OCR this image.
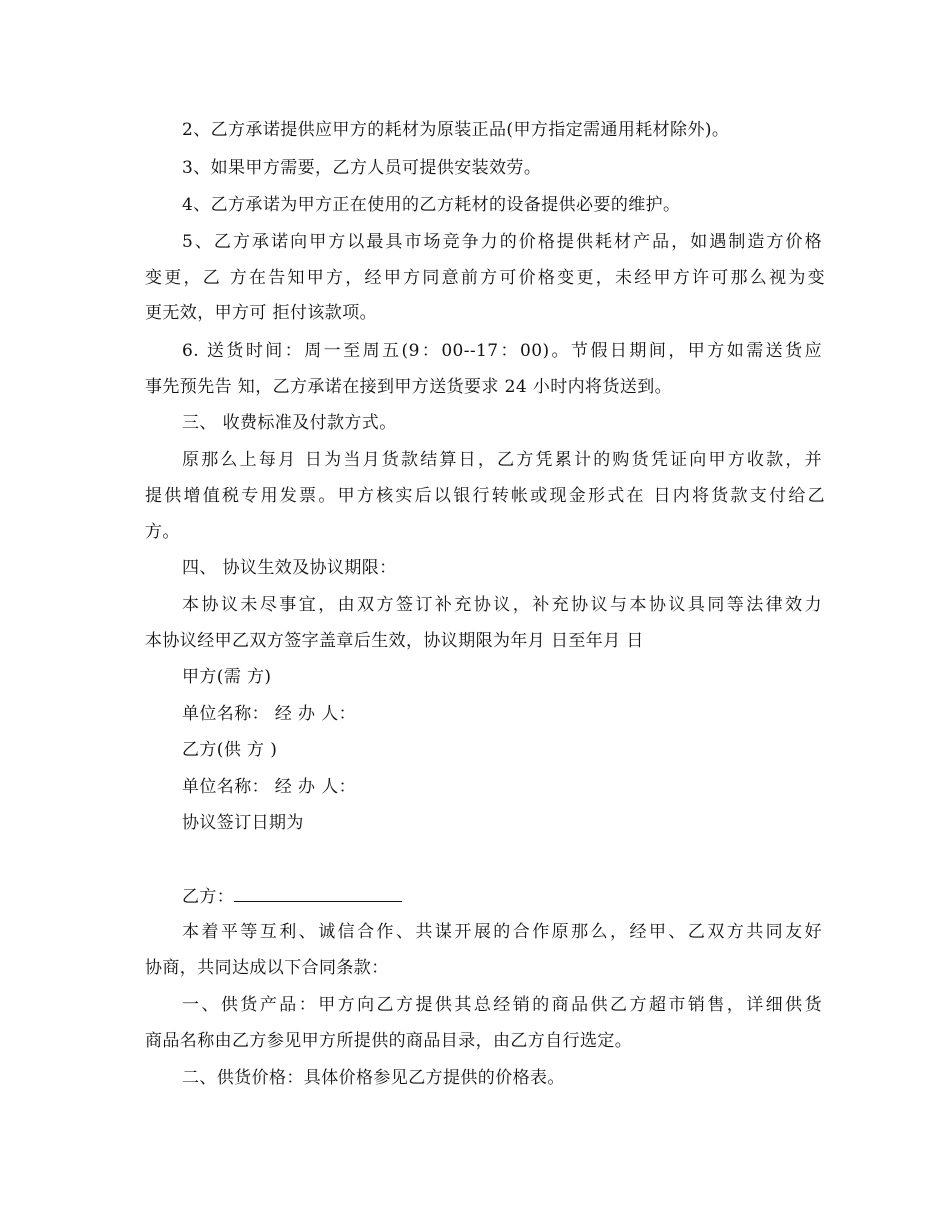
2、乙方承诺提供应甲方的耗材为原装正品(甲方指定需通用耗材除外)。
3、如果甲方需要，乙方人员可提供安装效劳。
4、乙方承诺为甲方正在使用的乙方耗材的设备提供必要的维护。
5、乙方承诺向甲方以最具市场竞争力的价格提供耗材产品，如遇制造方价格
变更，乙 方在告知甲方，经甲方同意前方可价格变更，未经甲方许可那么视为变
更无效，甲方可 拒付该款项。
6. 送货时间：周一至周五(9：00--17：00)。节假日期间，甲方如需送货应
事先预先告 知，乙方承诺在接到甲方送货要求 24 小时内将货送到。
三、 收费标准及付款方式。
原那么上每月 日为当月货款结算日，乙方凭累计的购货凭证向甲方收款，并
提供增值税专用发票。甲方核实后以银行转帐或现金形式在 日内将货款支付给乙
方。
四、 协议生效及协议期限：
本协议未尽事宜，由双方签订补充协议，补充协议与本协议具同等法律效力
本协议经甲乙双方签字盖章后生效，协议期限为年月 日至年月 日
甲方(需 方)
单位名称： 经 办 人：
乙方(供 方 )
单位名称： 经 办 人：
协议签订日期为
乙方：
本着平等互利、诚信合作、共谋开展的合作原那么，经甲、乙双方共同友好
协商，共同达成以下合同条款：
一、供货产品：甲方向乙方提供其总经销的商品供乙方超市销售，详细供货
商品名称由乙方参见甲方所提供的商品目录，由乙方自行选定。
二、供货价格：具体价格参见乙方提供的价格表。
